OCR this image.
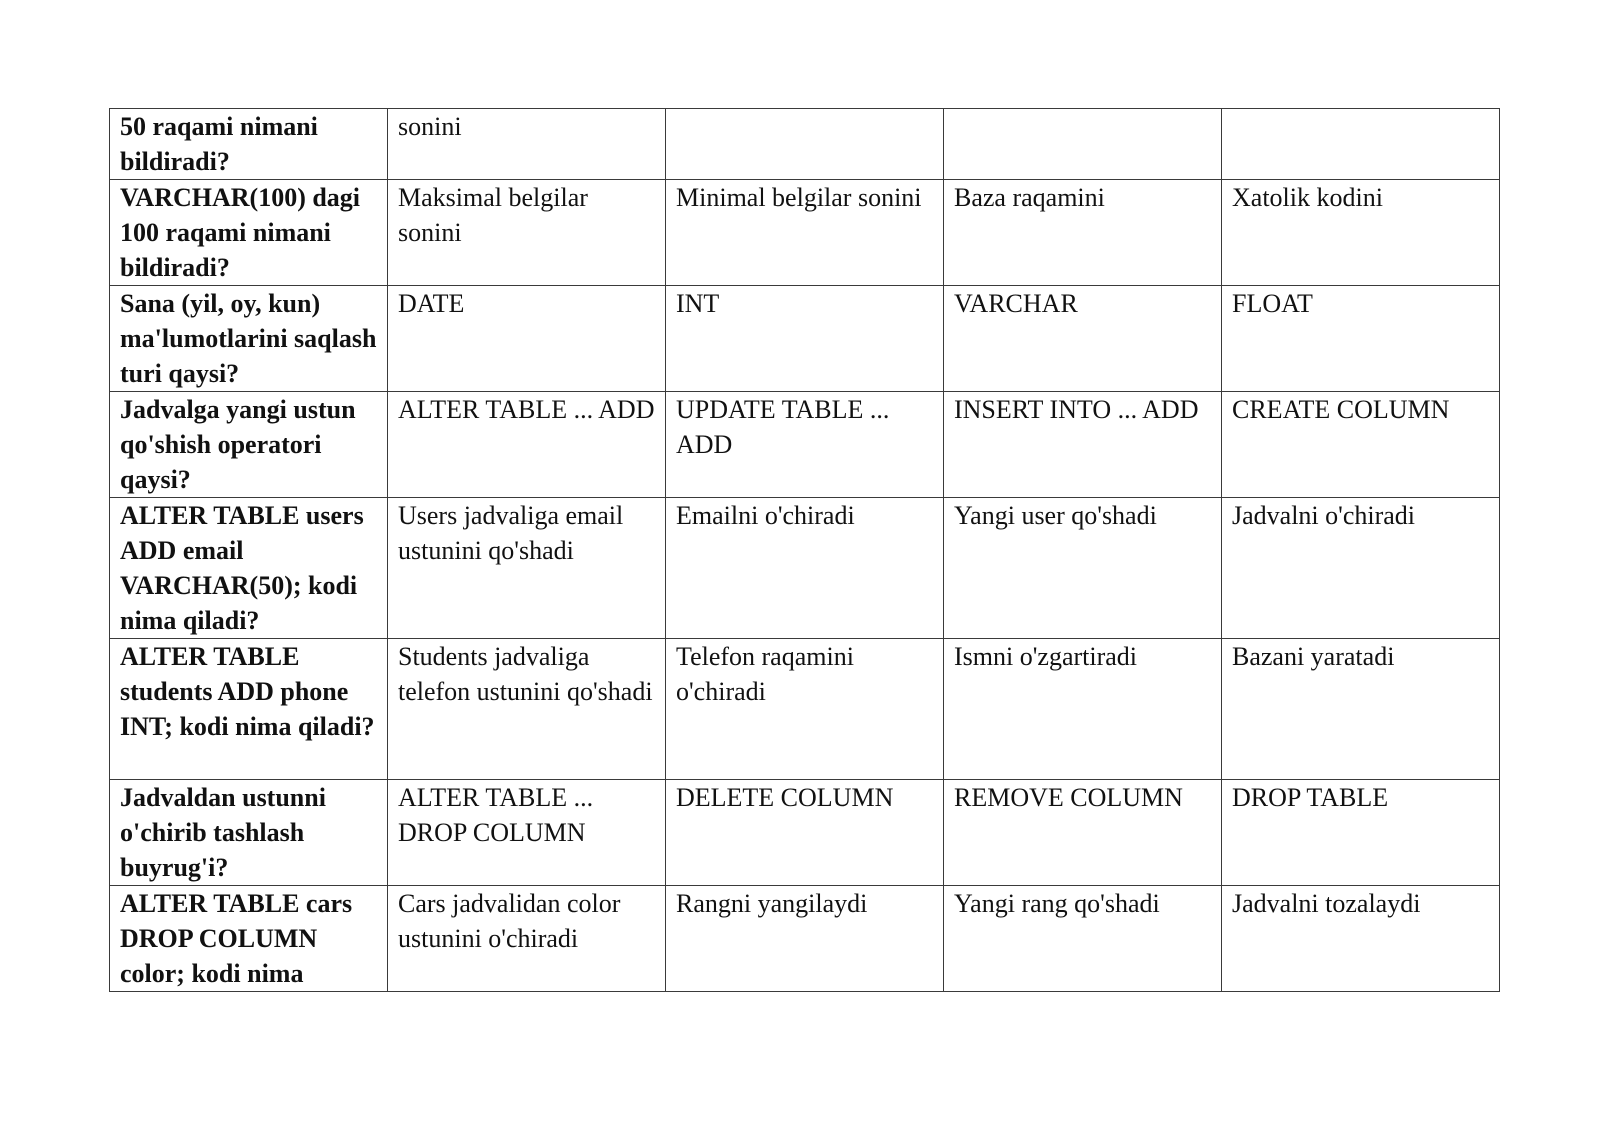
50 raqami nimani bildiradi?	sonini			
VARCHAR(100) dagi 100 raqami nimani bildiradi?	Maksimal belgilar sonini	Minimal belgilar sonini	Baza raqamini	Xatolik kodini
Sana (yil, oy, kun) ma'lumotlarini saqlash turi qaysi?	DATE	INT	VARCHAR	FLOAT
Jadvalga yangi ustun qo'shish operatori qaysi?	ALTER TABLE ... ADD	UPDATE TABLE ... ADD	INSERT INTO ... ADD	CREATE COLUMN
ALTER TABLE users ADD email VARCHAR(50); kodi nima qiladi?	Users jadvaliga email ustunini qo'shadi	Emailni o'chiradi	Yangi user qo'shadi	Jadvalni o'chiradi
ALTER TABLE students ADD phone INT; kodi nima qiladi?	Students jadvaliga telefon ustunini qo'shadi	Telefon raqamini o'chiradi	Ismni o'zgartiradi	Bazani yaratadi
Jadvaldan ustunni o'chirib tashlash buyrug'i?	ALTER TABLE ... DROP COLUMN	DELETE COLUMN	REMOVE COLUMN	DROP TABLE
ALTER TABLE cars DROP COLUMN color; kodi nima	Cars jadvalidan color ustunini o'chiradi	Rangni yangilaydi	Yangi rang qo'shadi	Jadvalni tozalaydi
